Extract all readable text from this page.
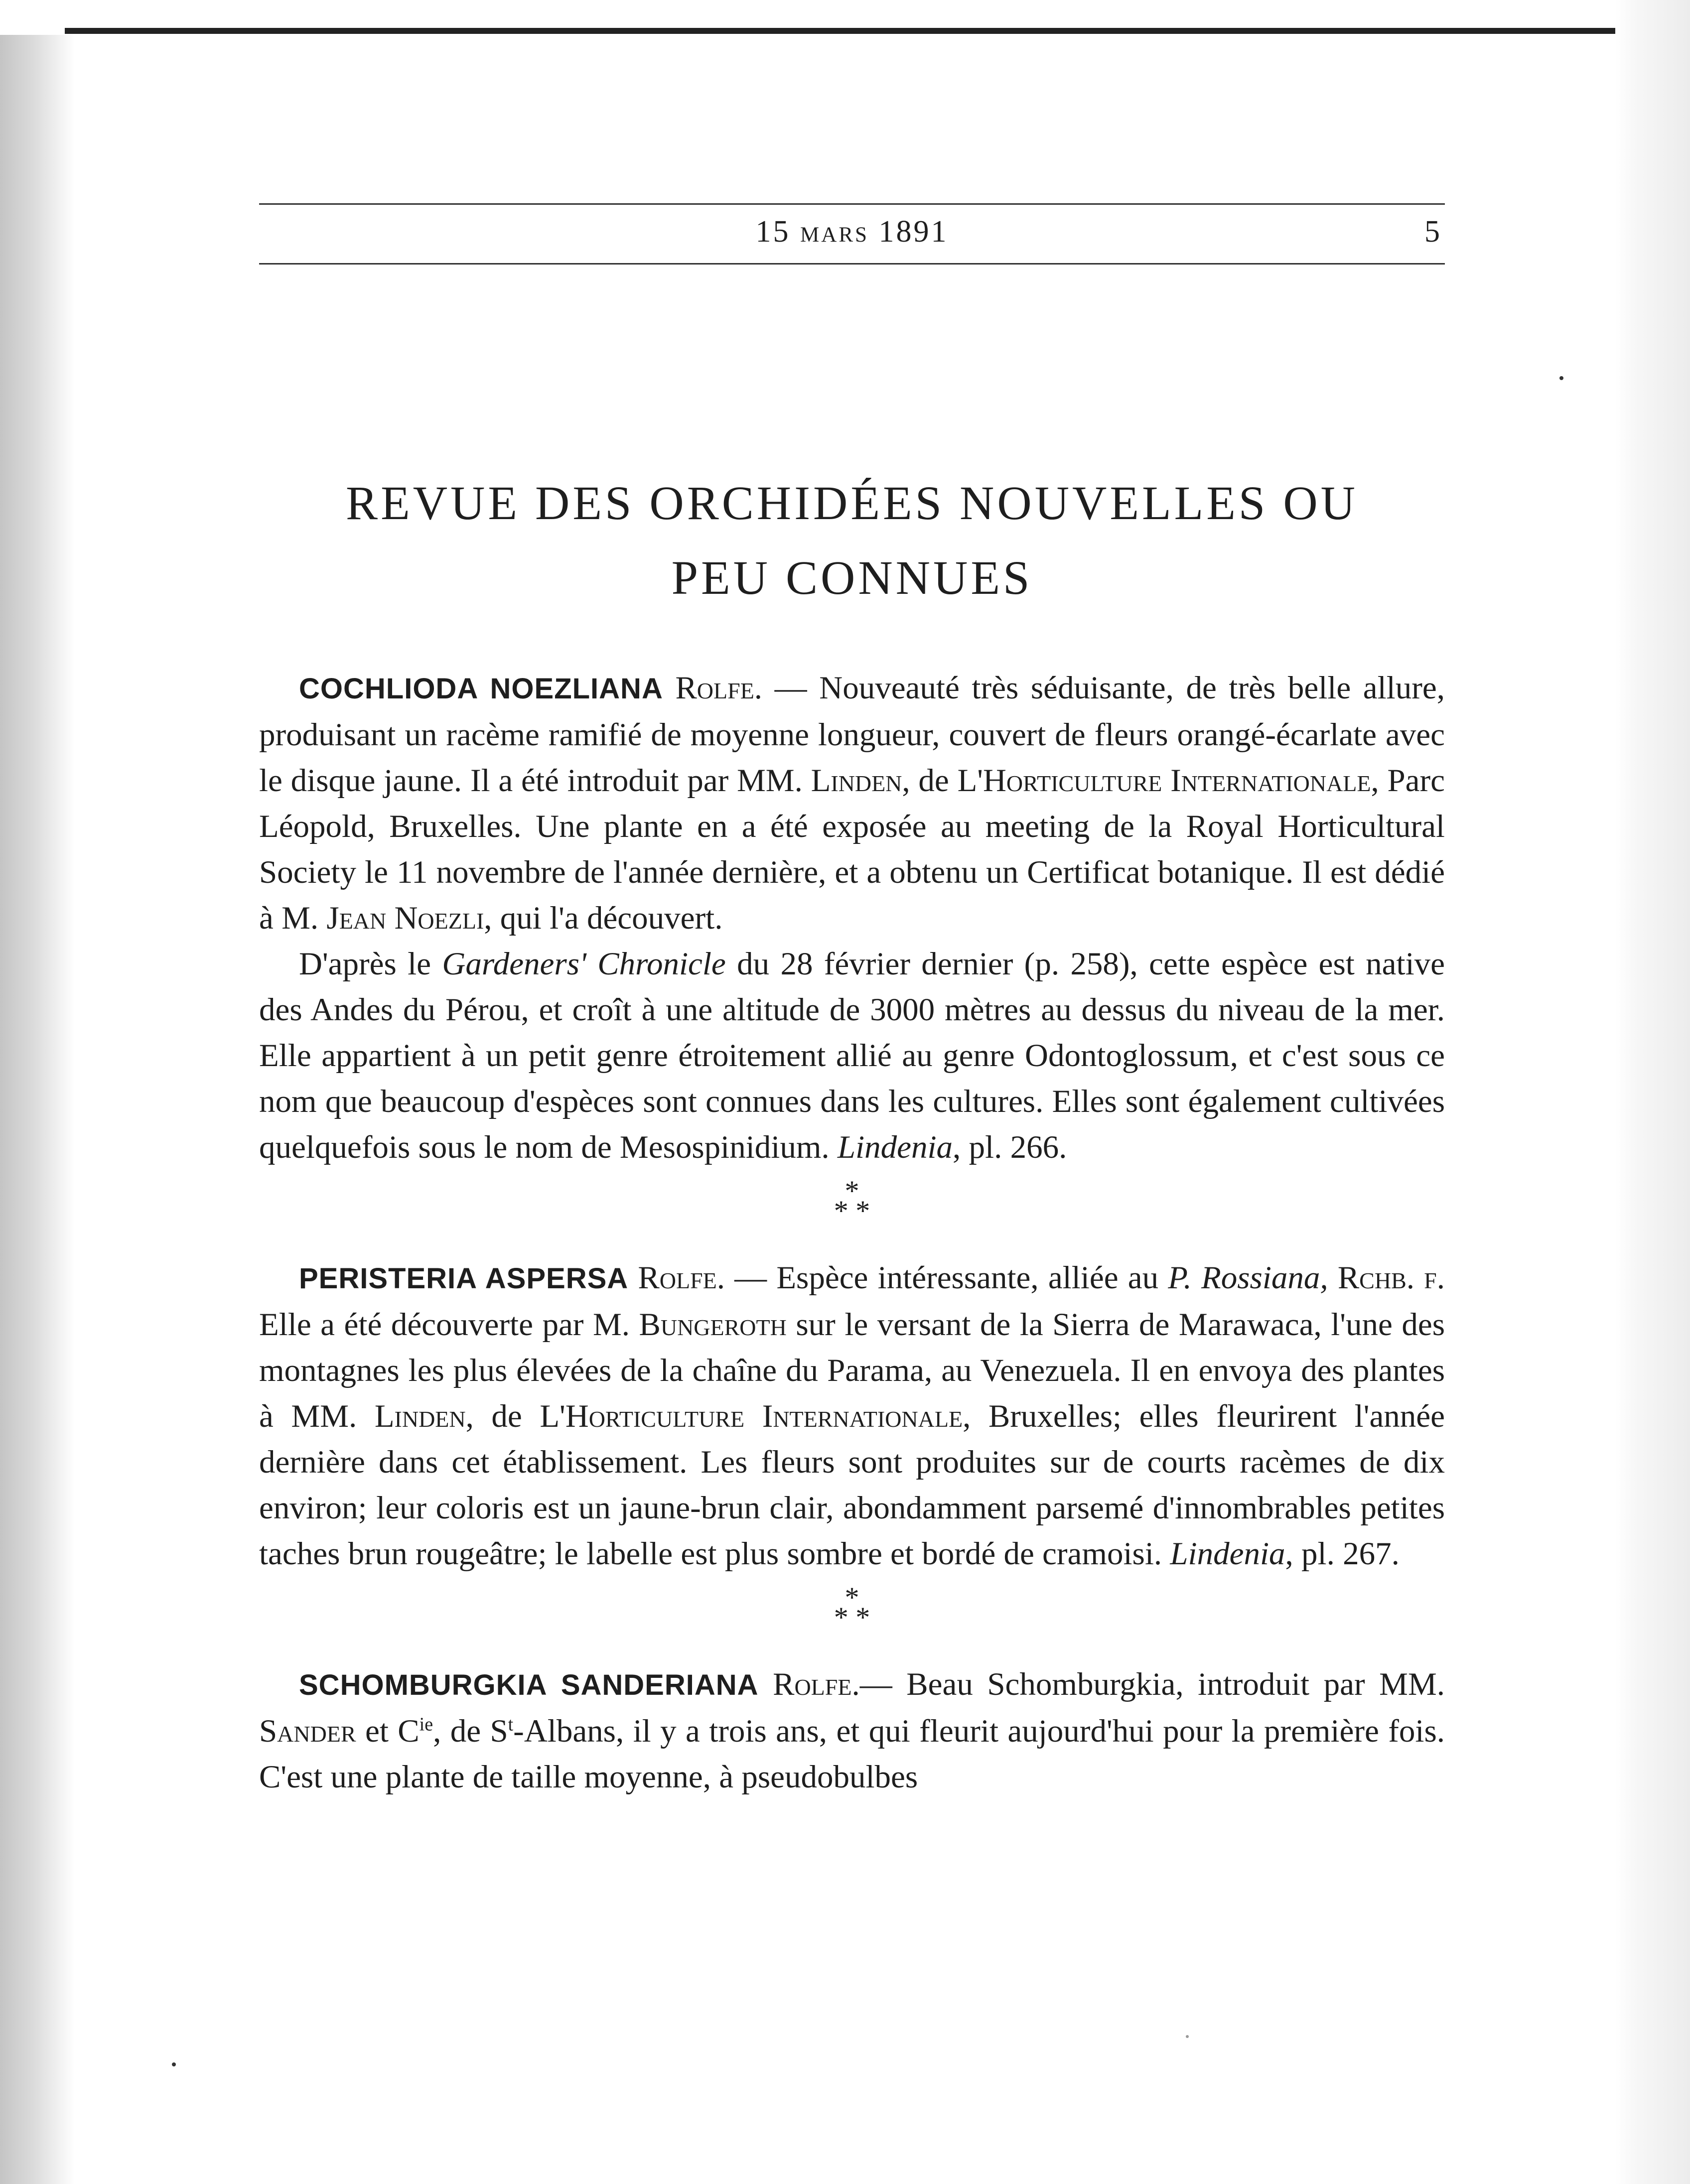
15 mars 1891	5
REVUE DES ORCHIDÉES NOUVELLES OU
PEU CONNUES

COCHLIODA NOEZLIANA Rolfe. — Nouveauté très séduisante, de très belle allure, produisant un racème ramifié de moyenne longueur, couvert de fleurs orangé-écarlate avec le disque jaune. Il a été introduit par MM. Linden, de L'Horticulture Internationale, Parc Léopold, Bruxelles. Une plante en a été exposée au meeting de la Royal Horticultural Society le 11 novembre de l'année dernière, et a obtenu un Certificat botanique. Il est dédié à M. Jean Noezli, qui l'a découvert.

D'après le Gardeners' Chronicle du 28 février dernier (p. 258), cette espèce est native des Andes du Pérou, et croît à une altitude de 3000 mètres au dessus du niveau de la mer. Elle appartient à un petit genre étroitement allié au genre Odontoglossum, et c'est sous ce nom que beaucoup d'espèces sont connues dans les cultures. Elles sont également cultivées quelquefois sous le nom de Mesospinidium. Lindenia, pl. 266.

*
* *

PERISTERIA ASPERSA Rolfe. — Espèce intéressante, alliée au P. Rossiana, Rchb. f. Elle a été découverte par M. Bungeroth sur le versant de la Sierra de Marawaca, l'une des montagnes les plus élevées de la chaîne du Parama, au Venezuela. Il en envoya des plantes à MM. Linden, de L'Horticulture Internationale, Bruxelles; elles fleurirent l'année dernière dans cet établissement. Les fleurs sont produites sur de courts racèmes de dix environ; leur coloris est un jaune-brun clair, abondamment parsemé d'innombrables petites taches brun rougeâtre; le labelle est plus sombre et bordé de cramoisi. Lindenia, pl. 267.

*
* *

SCHOMBURGKIA SANDERIANA Rolfe.— Beau Schomburgkia, introduit par MM. Sander et $C^{ie}$, de $S^t$-Albans, il y a trois ans, et qui fleurit aujourd'hui pour la première fois. C'est une plante de taille moyenne, à pseudobulbes
